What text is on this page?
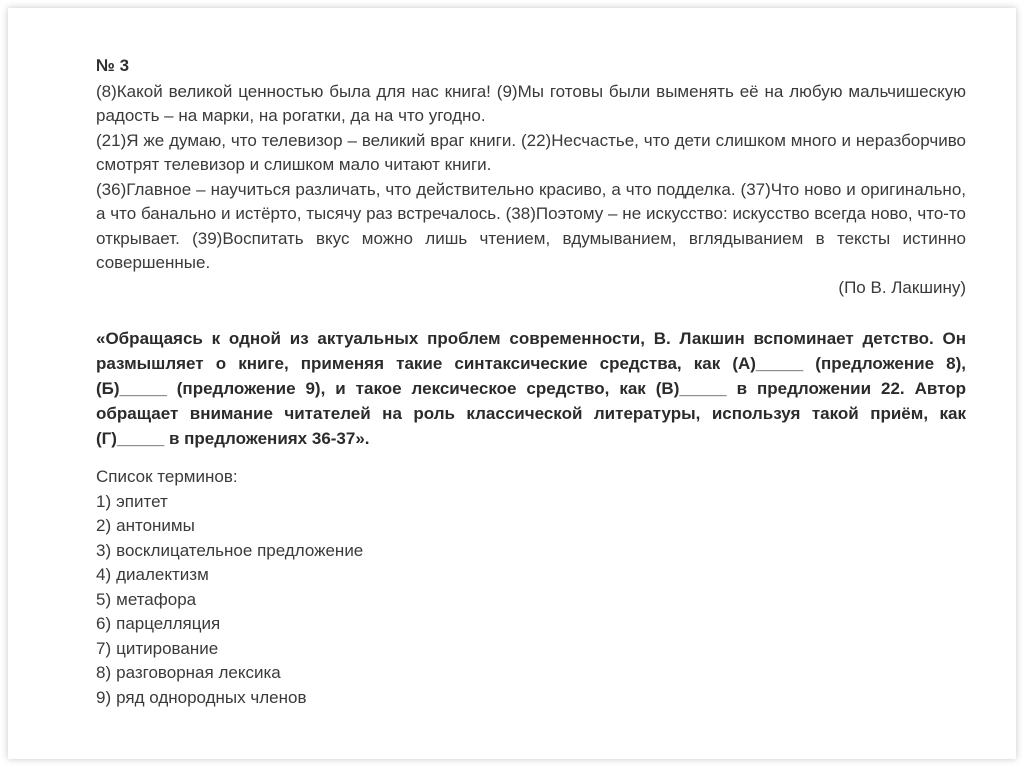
№ 3

(8)Какой великой ценностью была для нас книга! (9)Мы готовы были выменять её на любую мальчишескую радость – на марки, на рогатки, да на что угодно.

(21)Я же думаю, что телевизор – великий враг книги. (22)Несчастье, что дети слишком много и неразборчиво смотрят телевизор и слишком мало читают книги.

(36)Главное – научиться различать, что действительно красиво, а что подделка. (37)Что ново и оригинально, а что банально и истёрто, тысячу раз встречалось. (38)Поэтому – не искусство: искусство всегда ново, что-то открывает. (39)Воспитать вкус можно лишь чтением, вдумыванием, вглядыванием в тексты истинно совершенные.

(По В. Лакшину)

«Обращаясь к одной из актуальных проблем современности, В. Лакшин вспоминает детство. Он размышляет о книге, применяя такие синтаксические средства, как (А)_____ (предложение 8), (Б)_____ (предложение 9), и такое лексическое средство, как (В)_____ в предложении 22. Автор обращает внимание читателей на роль классической литературы, используя такой приём, как (Г)_____ в предложениях 36-37».

Список терминов:

1) эпитет
2) антонимы
3) восклицательное предложение
4) диалектизм
5) метафора
6) парцелляция
7) цитирование
8) разговорная лексика
9) ряд однородных членов
